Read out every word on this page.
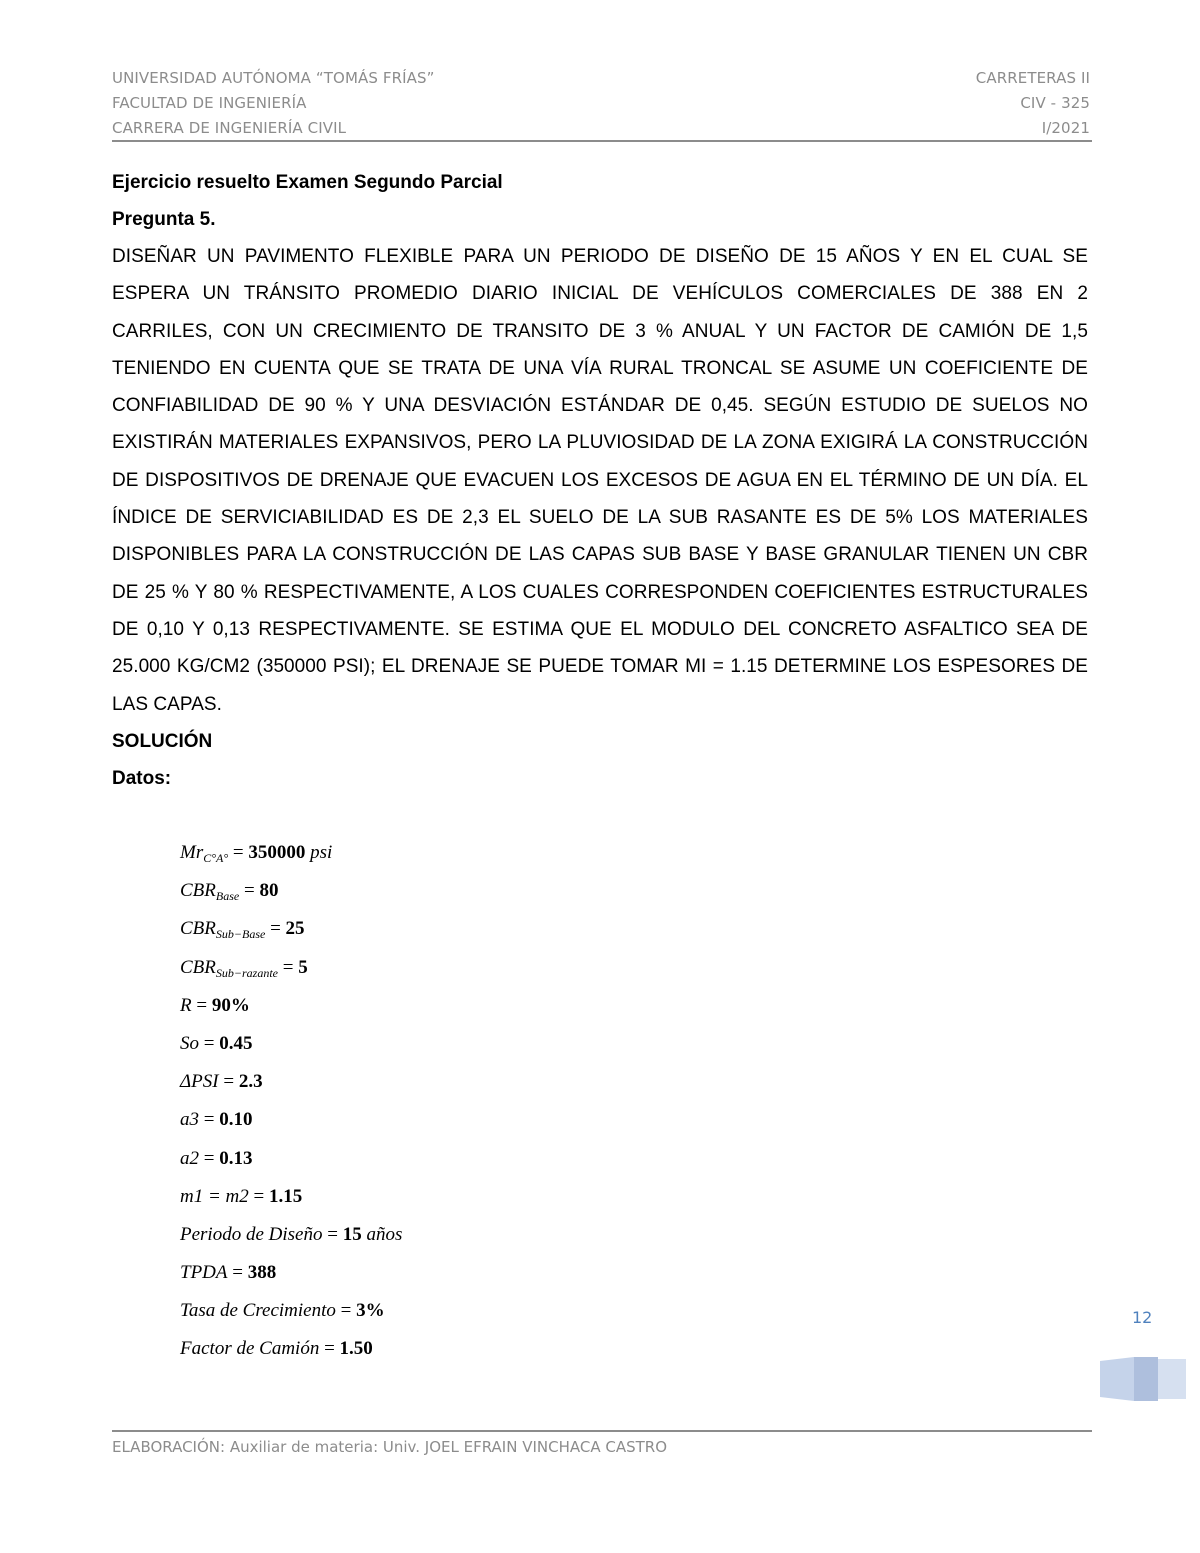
UNIVERSIDAD AUTÓNOMA “TOMÁS FRÍAS”	CARRETERAS II
FACULTAD DE INGENIERÍA	CIV - 325
CARRERA DE INGENIERÍA CIVIL	I/2021
Ejercicio resuelto Examen Segundo Parcial
Pregunta 5.

DISEÑAR UN PAVIMENTO FLEXIBLE PARA UN PERIODO DE DISEÑO DE 15 AÑOS Y EN EL CUAL SE ESPERA UN TRÁNSITO PROMEDIO DIARIO INICIAL DE VEHÍCULOS COMERCIALES DE 388 EN 2 CARRILES, CON UN CRECIMIENTO DE TRANSITO DE 3 % ANUAL Y UN FACTOR DE CAMIÓN DE 1,5 TENIENDO EN CUENTA QUE SE TRATA DE UNA VÍA RURAL TRONCAL SE ASUME UN COEFICIENTE DE CONFIABILIDAD DE 90 % Y UNA DESVIACIÓN ESTÁNDAR DE 0,45. SEGÚN ESTUDIO DE SUELOS NO EXISTIRÁN MATERIALES EXPANSIVOS, PERO LA PLUVIOSIDAD DE LA ZONA EXIGIRÁ LA CONSTRUCCIÓN DE DISPOSITIVOS DE DRENAJE QUE EVACUEN LOS EXCESOS DE AGUA EN EL TÉRMINO DE UN DÍA. EL ÍNDICE DE SERVICIABILIDAD ES DE 2,3 EL SUELO DE LA SUB RASANTE ES DE 5% LOS MATERIALES DISPONIBLES PARA LA CONSTRUCCIÓN DE LAS CAPAS SUB BASE Y BASE GRANULAR TIENEN UN CBR DE 25 % Y 80 % RESPECTIVAMENTE, A LOS CUALES CORRESPONDEN COEFICIENTES ESTRUCTURALES DE 0,10 Y 0,13 RESPECTIVAMENTE. SE ESTIMA QUE EL MODULO DEL CONCRETO ASFALTICO SEA DE 25.000 KG/CM2 (350000 PSI); EL DRENAJE SE PUEDE TOMAR MI = 1.15 DETERMINE LOS ESPESORES DE LAS CAPAS.

SOLUCIÓN
Datos:
$Mr_{C^\circ A^\circ} = 350000$ psi
$CBR_{Base} = 80$
$CBR_{Sub-Base} = 25$
$CBR_{Sub-razante} = 5$
R = 90%
So = 0.45
ΔPSI = 2.3
a3 = 0.10
a2 = 0.13
m1 = m2 = 1.15
Periodo de Diseño = 15 años
TPDA = 388
Tasa de Crecimiento = 3%
Factor de Camión = 1.50
12
ELABORACIÓN: Auxiliar de materia: Univ. JOEL EFRAIN VINCHACA CASTRO
